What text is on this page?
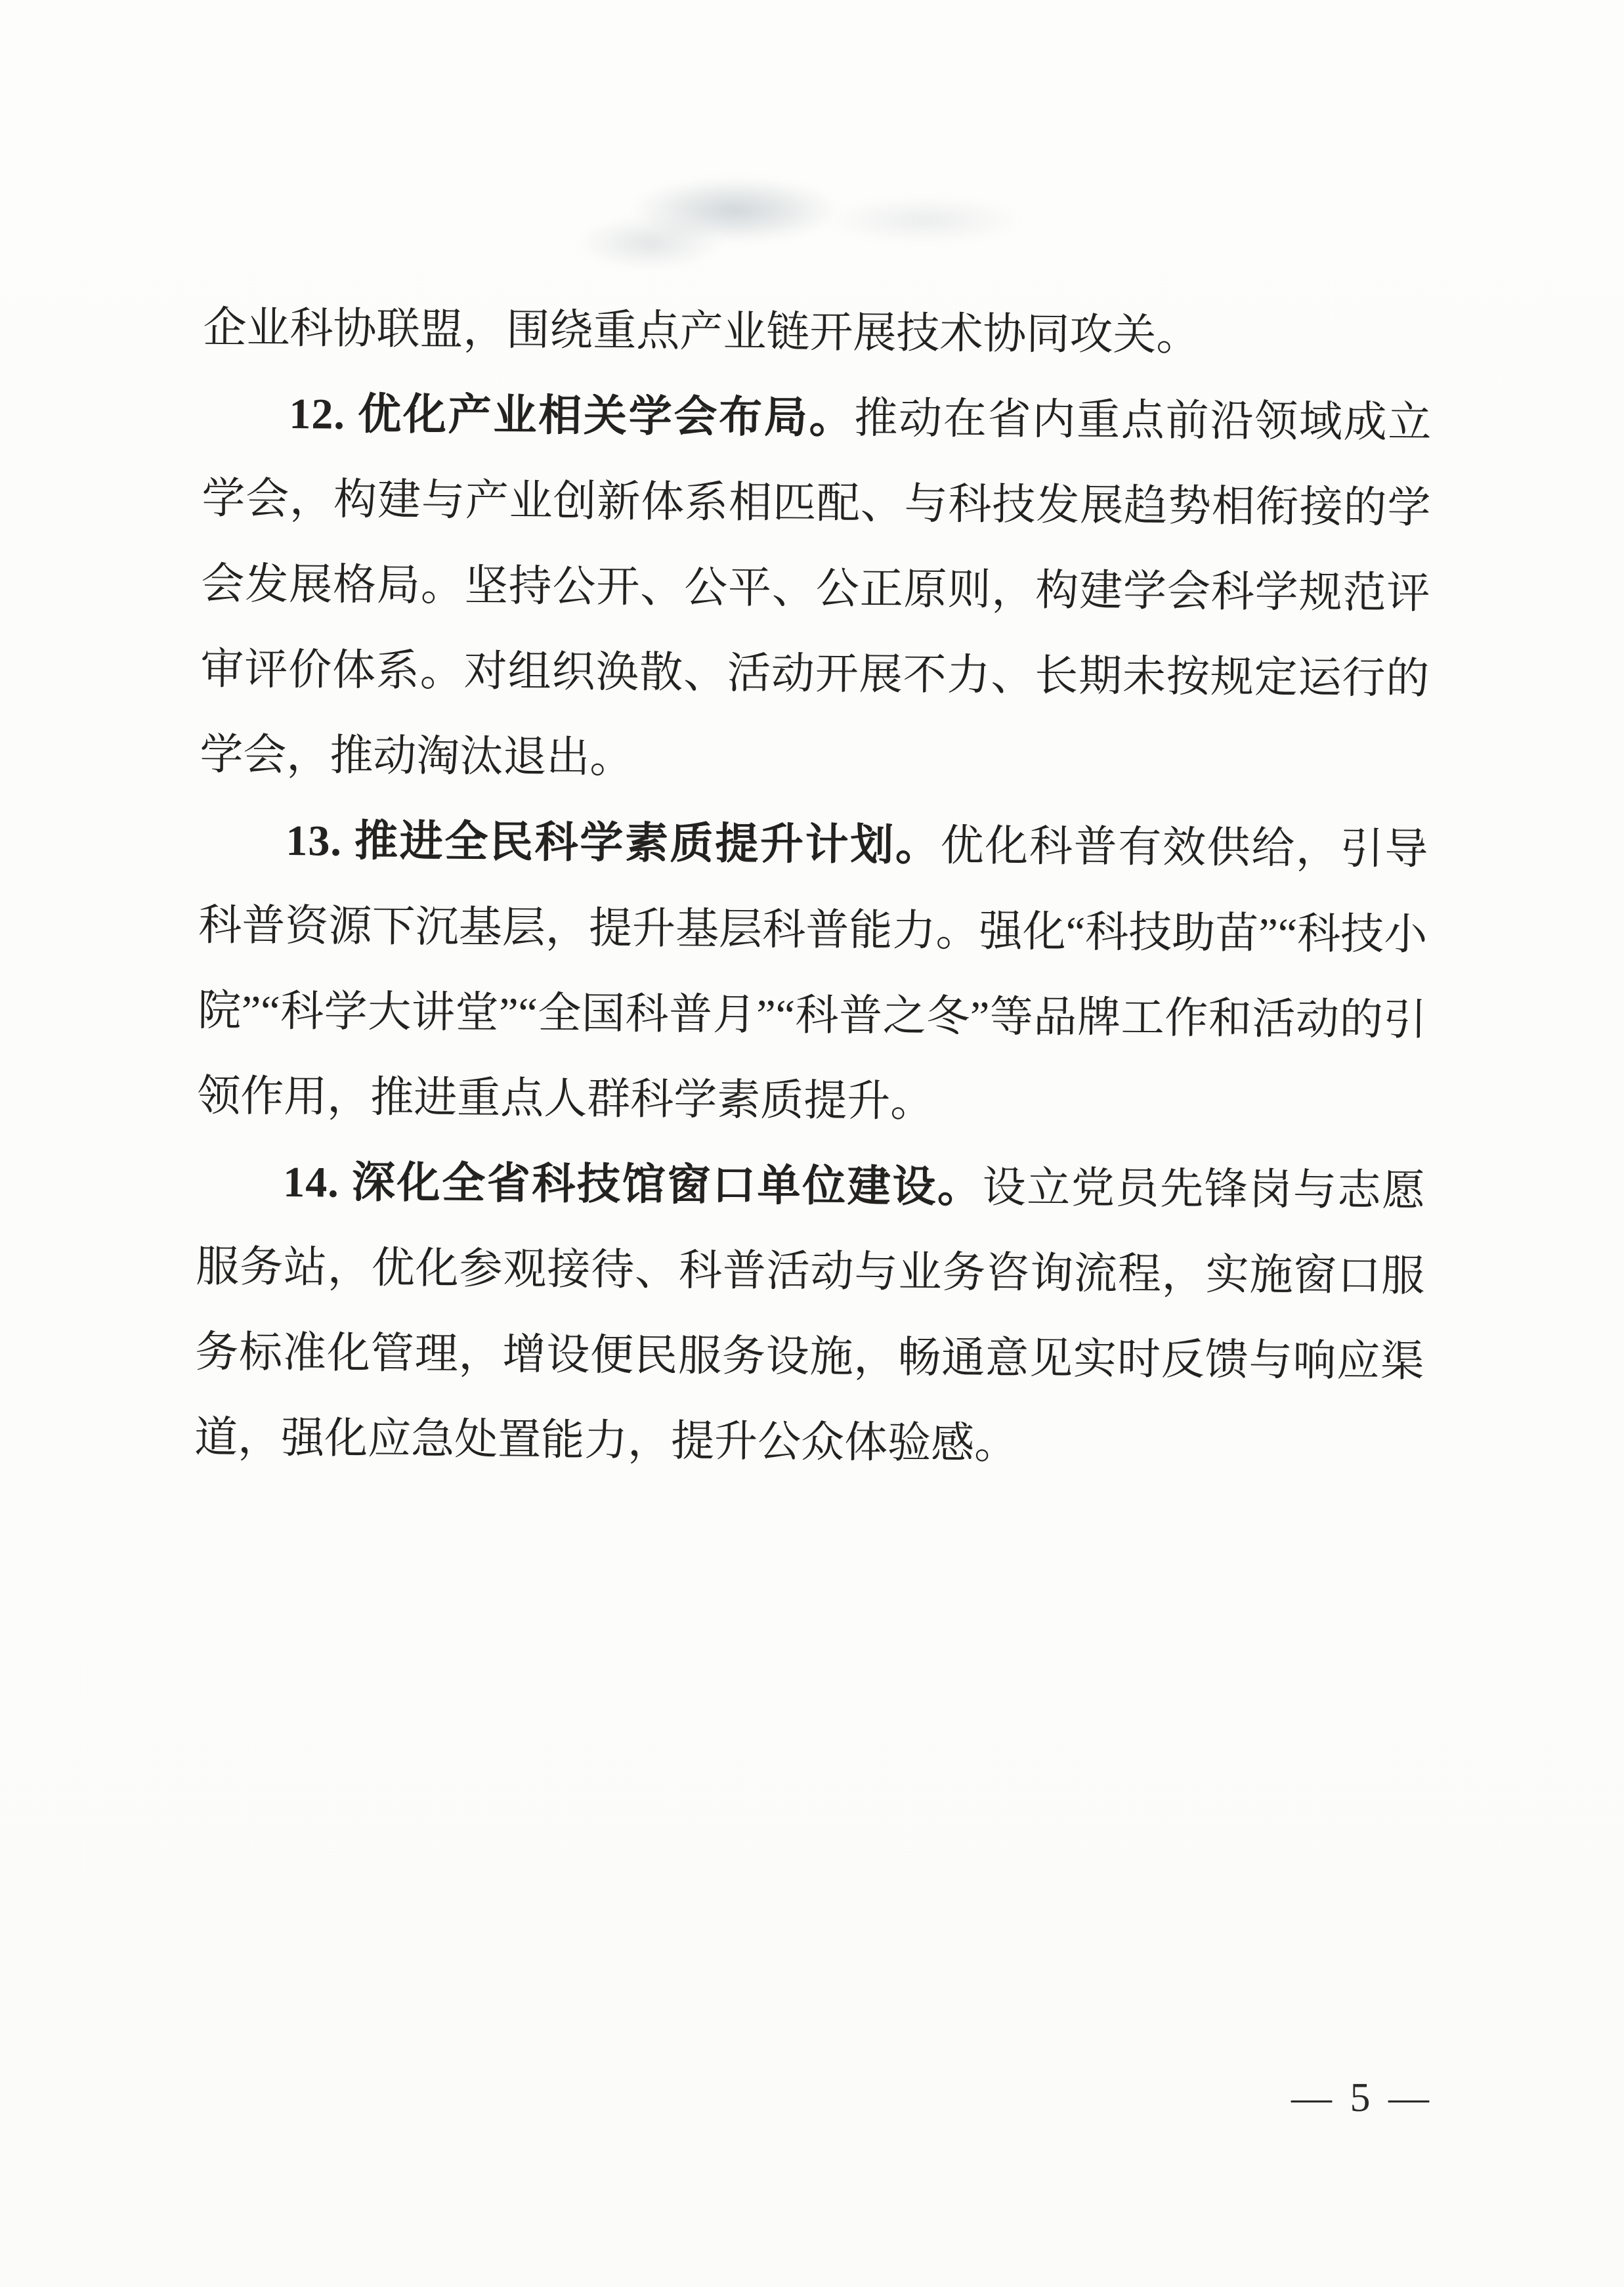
企业科协联盟，围绕重点产业链开展技术协同攻关。

12. 优化产业相关学会布局。推动在省内重点前沿领域成立学会，构建与产业创新体系相匹配、与科技发展趋势相衔接的学会发展格局。坚持公开、公平、公正原则，构建学会科学规范评审评价体系。对组织涣散、活动开展不力、长期未按规定运行的学会，推动淘汰退出。

13. 推进全民科学素质提升计划。优化科普有效供给，引导科普资源下沉基层，提升基层科普能力。强化“科技助苗”“科技小院”“科学大讲堂”“全国科普月”“科普之冬”等品牌工作和活动的引领作用，推进重点人群科学素质提升。

14. 深化全省科技馆窗口单位建设。设立党员先锋岗与志愿服务站，优化参观接待、科普活动与业务咨询流程，实施窗口服务标准化管理，增设便民服务设施，畅通意见实时反馈与响应渠道，强化应急处置能力，提升公众体验感。

— 5 —
